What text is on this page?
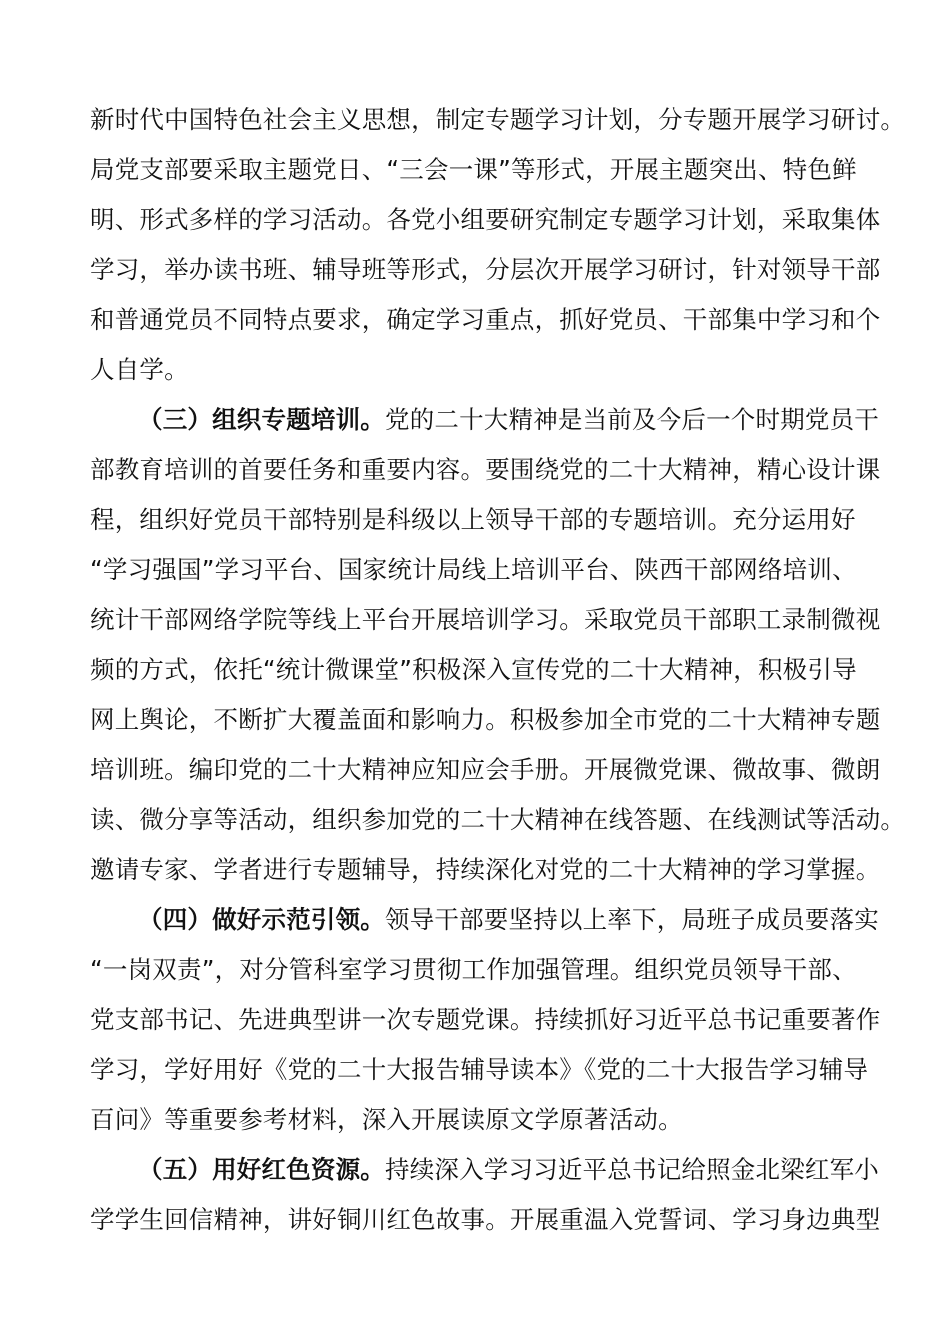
新时代中国特色社会主义思想，制定专题学习计划，分专题开展学习研讨。
局党支部要采取主题党日、“三会一课”等形式，开展主题突出、特色鲜
明、形式多样的学习活动。各党小组要研究制定专题学习计划，采取集体
学习，举办读书班、辅导班等形式，分层次开展学习研讨，针对领导干部
和普通党员不同特点要求，确定学习重点，抓好党员、干部集中学习和个
人自学。
（三）组织专题培训。党的二十大精神是当前及今后一个时期党员干
部教育培训的首要任务和重要内容。要围绕党的二十大精神，精心设计课
程，组织好党员干部特别是科级以上领导干部的专题培训。充分运用好
“学习强国”学习平台、国家统计局线上培训平台、陕西干部网络培训、
统计干部网络学院等线上平台开展培训学习。采取党员干部职工录制微视
频的方式，依托“统计微课堂”积极深入宣传党的二十大精神，积极引导
网上舆论，不断扩大覆盖面和影响力。积极参加全市党的二十大精神专题
培训班。编印党的二十大精神应知应会手册。开展微党课、微故事、微朗
读、微分享等活动，组织参加党的二十大精神在线答题、在线测试等活动。
邀请专家、学者进行专题辅导，持续深化对党的二十大精神的学习掌握。
（四）做好示范引领。领导干部要坚持以上率下，局班子成员要落实
“一岗双责”，对分管科室学习贯彻工作加强管理。组织党员领导干部、
党支部书记、先进典型讲一次专题党课。持续抓好习近平总书记重要著作
学习，学好用好《党的二十大报告辅导读本》《党的二十大报告学习辅导
百问》等重要参考材料，深入开展读原文学原著活动。
（五）用好红色资源。持续深入学习习近平总书记给照金北梁红军小
学学生回信精神，讲好铜川红色故事。开展重温入党誓词、学习身边典型
